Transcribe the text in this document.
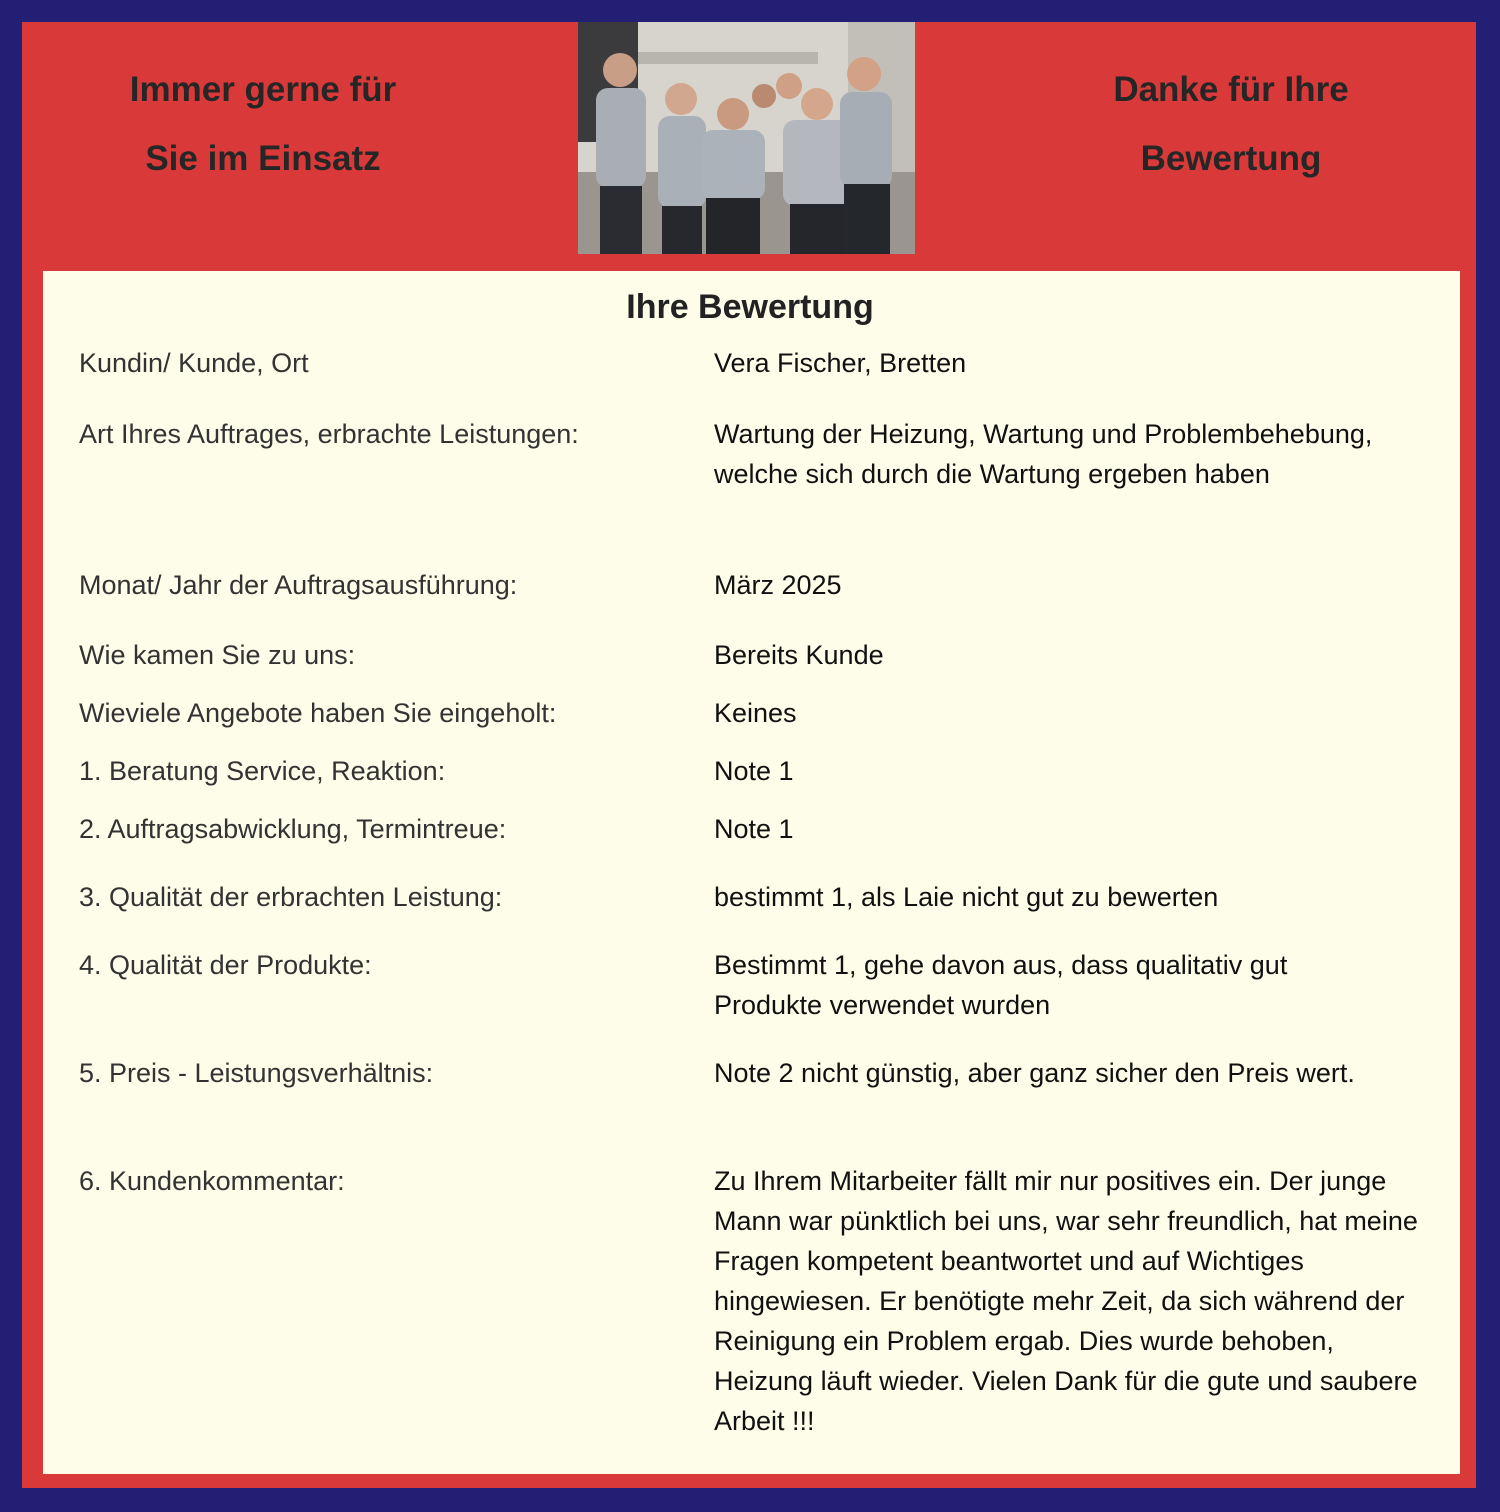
Immer gerne für
Sie im Einsatz
Danke für Ihre
Bewertung
Ihre Bewertung
Kundin/ Kunde, Ort	Vera Fischer, Bretten
Art Ihres Auftrages, erbrachte Leistungen:	Wartung der Heizung, Wartung und Problembehebung, welche sich durch die Wartung ergeben haben
Monat/ Jahr der Auftragsausführung:	März 2025
Wie kamen Sie zu uns:	Bereits Kunde
Wieviele Angebote haben Sie eingeholt:	Keines
1. Beratung Service, Reaktion:	Note 1
2. Auftragsabwicklung, Termintreue:	Note 1
3. Qualität der erbrachten Leistung:	bestimmt 1, als Laie nicht gut zu bewerten
4. Qualität der Produkte:	Bestimmt 1, gehe davon aus, dass qualitativ gut Produkte verwendet wurden
5. Preis - Leistungsverhältnis:	Note 2 nicht günstig, aber ganz sicher den Preis wert.
6. Kundenkommentar:	Zu Ihrem Mitarbeiter fällt mir nur positives ein. Der junge Mann war pünktlich bei uns, war sehr freundlich, hat meine Fragen kompetent beantwortet und auf Wichtiges hingewiesen. Er benötigte mehr Zeit, da sich während der Reinigung ein Problem ergab. Dies wurde behoben, Heizung läuft wieder. Vielen Dank für die gute und saubere Arbeit !!!
